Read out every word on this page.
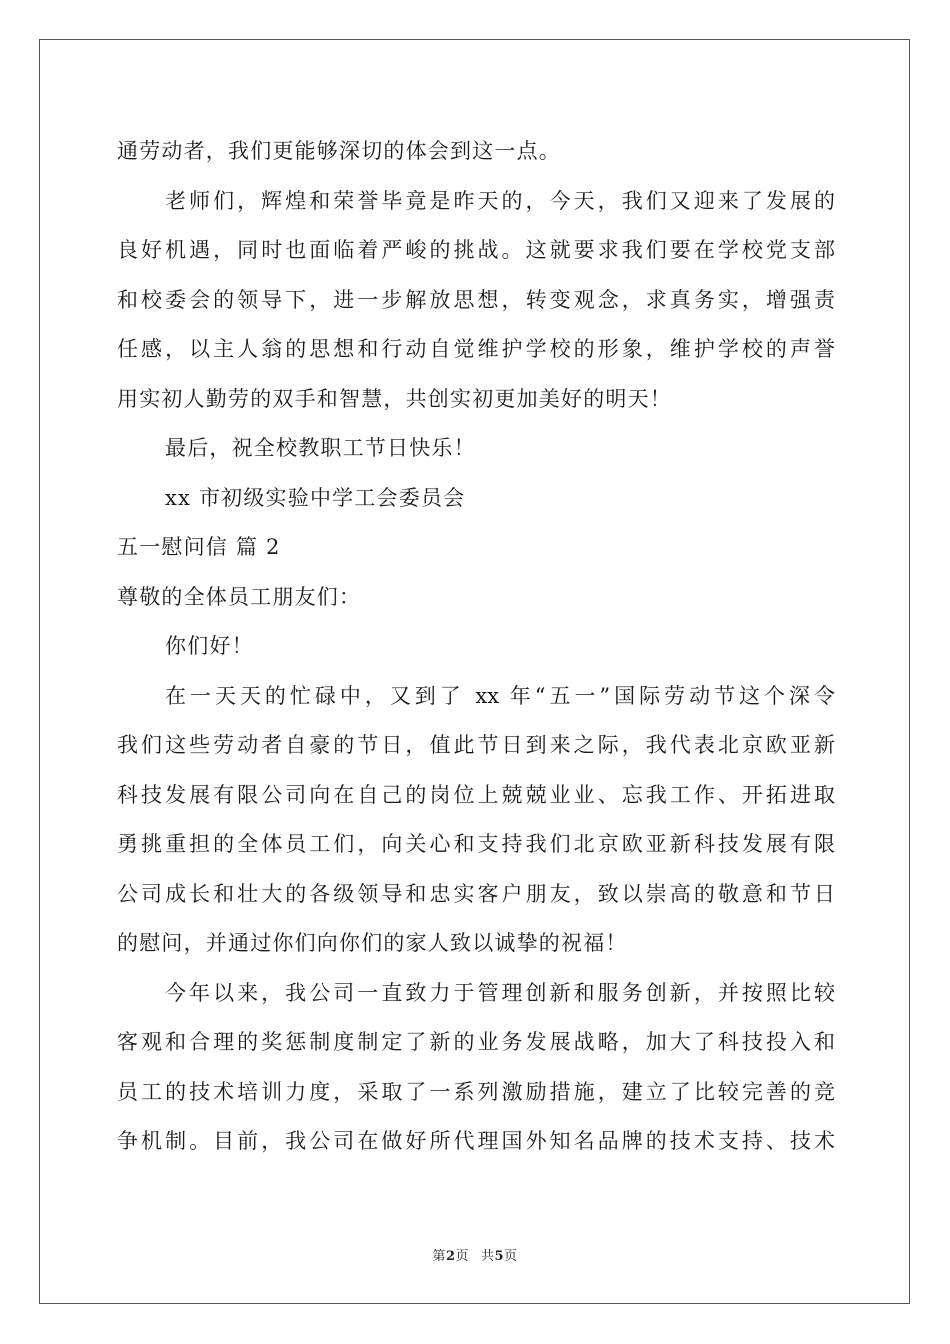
通劳动者，我们更能够深切的体会到这一点。
老师们，辉煌和荣誉毕竟是昨天的，今天，我们又迎来了发展的
良好机遇，同时也面临着严峻的挑战。这就要求我们要在学校党支部
和校委会的领导下，进一步解放思想，转变观念，求真务实，增强责
任感，以主人翁的思想和行动自觉维护学校的形象，维护学校的声誉
用实初人勤劳的双手和智慧，共创实初更加美好的明天！
最后，祝全校教职工节日快乐！
xx 市初级实验中学工会委员会
五一慰问信 篇 2
尊敬的全体员工朋友们：
你们好！
在一天天的忙碌中，又到了 xx 年“五一”国际劳动节这个深令
我们这些劳动者自豪的节日，值此节日到来之际，我代表北京欧亚新
科技发展有限公司向在自己的岗位上兢兢业业、忘我工作、开拓进取
勇挑重担的全体员工们，向关心和支持我们北京欧亚新科技发展有限
公司成长和壮大的各级领导和忠实客户朋友，致以崇高的敬意和节日
的慰问，并通过你们向你们的家人致以诚挚的祝福！
今年以来，我公司一直致力于管理创新和服务创新，并按照比较
客观和合理的奖惩制度制定了新的业务发展战略，加大了科技投入和
员工的技术培训力度，采取了一系列激励措施，建立了比较完善的竞
争机制。目前，我公司在做好所代理国外知名品牌的技术支持、技术
第2页 共5页
